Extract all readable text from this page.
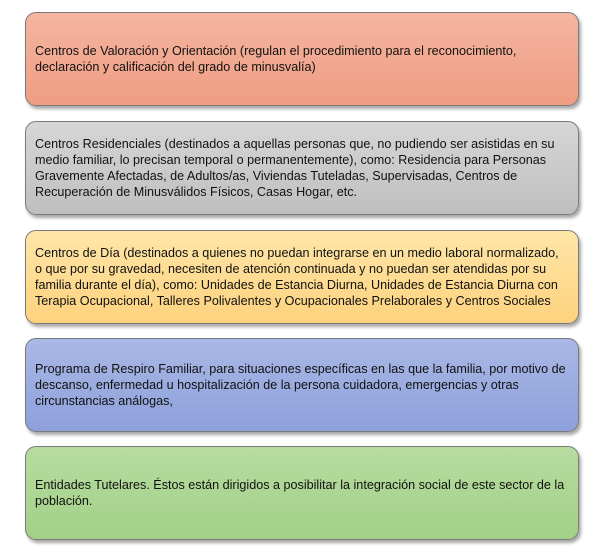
Centros de Valoración y Orientación (regulan el procedimiento para el reconocimiento, declaración y calificación del grado de minusvalía)
Centros Residenciales (destinados a aquellas personas que, no pudiendo ser asistidas en su medio familiar, lo precisan temporal o permanentemente), como: Residencia para Personas Gravemente Afectadas, de Adultos/as, Viviendas Tuteladas, Supervisadas, Centros de Recuperación de Minusválidos Físicos, Casas Hogar, etc.
Centros de Día (destinados a quienes no puedan integrarse en un medio laboral normalizado, o que por su gravedad, necesiten de atención continuada y no puedan ser atendidas por su familia durante el día), como: Unidades de Estancia Diurna, Unidades de Estancia Diurna con Terapia Ocupacional, Talleres Polivalentes y Ocupacionales Prelaborales y Centros Sociales
Programa de Respiro Familiar, para situaciones específicas en las que la familia, por motivo de descanso, enfermedad u hospitalización de la persona cuidadora, emergencias y otras circunstancias análogas,
Entidades Tutelares. Éstos están dirigidos a posibilitar la integración social de este sector de la población.
